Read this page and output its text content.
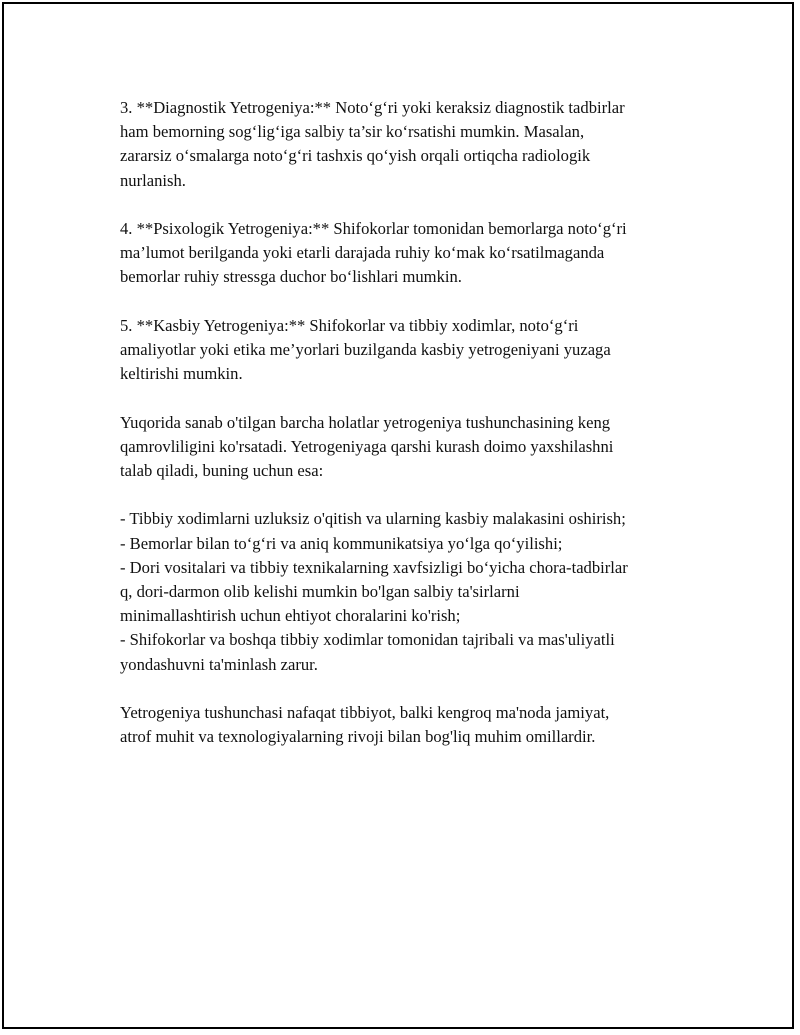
3. **Diagnostik Yetrogeniya:** Noto‘g‘ri yoki keraksiz diagnostik tadbirlar
ham bemorning sog‘lig‘iga salbiy ta’sir ko‘rsatishi mumkin. Masalan,
zararsiz o‘smalarga noto‘g‘ri tashxis qo‘yish orqali ortiqcha radiologik
nurlanish.

4. **Psixologik Yetrogeniya:** Shifokorlar tomonidan bemorlarga noto‘g‘ri
ma’lumot berilganda yoki etarli darajada ruhiy ko‘mak ko‘rsatilmaganda
bemorlar ruhiy stressga duchor bo‘lishlari mumkin.

5. **Kasbiy Yetrogeniya:** Shifokorlar va tibbiy xodimlar, noto‘g‘ri
amaliyotlar yoki etika me’yorlari buzilganda kasbiy yetrogeniyani yuzaga
keltirishi mumkin.

Yuqorida sanab o'tilgan barcha holatlar yetrogeniya tushunchasining keng
qamrovliligini ko'rsatadi. Yetrogeniyaga qarshi kurash doimo yaxshilashni
talab qiladi, buning uchun esa:

- Tibbiy xodimlarni uzluksiz o'qitish va ularning kasbiy malakasini oshirish;
- Bemorlar bilan to‘g‘ri va aniq kommunikatsiya yo‘lga qo‘yilishi;
- Dori vositalari va tibbiy texnikalarning xavfsizligi bo‘yicha chora-tadbirlar
q, dori-darmon olib kelishi mumkin bo'lgan salbiy ta'sirlarni
minimallashtirish uchun ehtiyot choralarini ko'rish;
- Shifokorlar va boshqa tibbiy xodimlar tomonidan tajribali va mas'uliyatli
yondashuvni ta'minlash zarur.

Yetrogeniya tushunchasi nafaqat tibbiyot, balki kengroq ma'noda jamiyat,
atrof muhit va texnologiyalarning rivoji bilan bog'liq muhim omillardir.
